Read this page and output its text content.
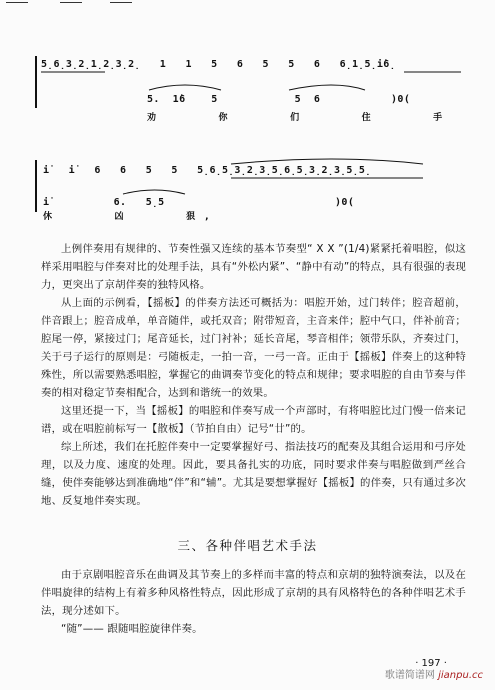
5̣6̣3̣2̣1̣2̣3̣2̣   1   1   5   6   5   5   6   6̣1̣5̣i̇6̣
5.  1̇6    5            5  6           )0(
劝    你    们    住    手
i̇   i̇   6   6   5   5   5̣6̣5̣3̣2̣3̣5̣6̣5̣3̣2̣3̣5̣5̣
i̇          6.   5̣5	)0(
休    凶    狠,

上例伴奏用有规律的、节奏性强又连续的基本节奏型“ X X ”(1/4)紧紧托着唱腔，似这样采用唱腔与伴奏对比的处理手法，具有“外松内紧”、“静中有动”的特点，具有很强的表现力，更突出了京胡伴奏的独特风格。

从上面的示例看，【摇板】的伴奏方法还可概括为：唱腔开始，过门转伴；腔音超前，伴音跟上；腔音成单，单音随伴，或托双音；附带短音，主音来伴；腔中气口，伴补前音；腔尾一停，紧接过门；尾音延长，过门衬补；延长音尾，琴音相伴；领带乐队，齐奏过门，关于弓子运行的原则是：弓随板走，一拍一音，一弓一音。正由于【摇板】伴奏上的这种特殊性，所以需要熟悉唱腔，掌握它的曲调奏节变化的特点和规律；要求唱腔的自由节奏与伴奏的相对稳定节奏相配合，达到和谐统一的效果。

这里还提一下，当【摇板】的唱腔和伴奏写成一个声部时，有将唱腔比过门慢一倍来记谱，或在唱腔前标写一【散板】（节拍自由）记号“廿”的。

综上所述，我们在托腔伴奏中一定要掌握好弓、指法技巧的配奏及其组合运用和弓序处理，以及力度、速度的处理。因此，要具备扎实的功底，同时要求伴奏与唱腔做到严丝合缝，使伴奏能够达到准确地“伴”和“辅”。尤其是要想掌握好【摇板】的伴奏，只有通过多次地、反复地伴奏实现。

三、各种伴唱艺术手法

由于京剧唱腔音乐在曲调及其节奏上的多样而丰富的特点和京胡的独特演奏法，以及在伴唱旋律的结构上有着多种风格性特点，因此形成了京胡的具有风格特色的各种伴唱艺术手法，现分述如下。

“随”—— 跟随唱腔旋律伴奏。

· 197 ·
歌谱简谱网 jianpu.cc
